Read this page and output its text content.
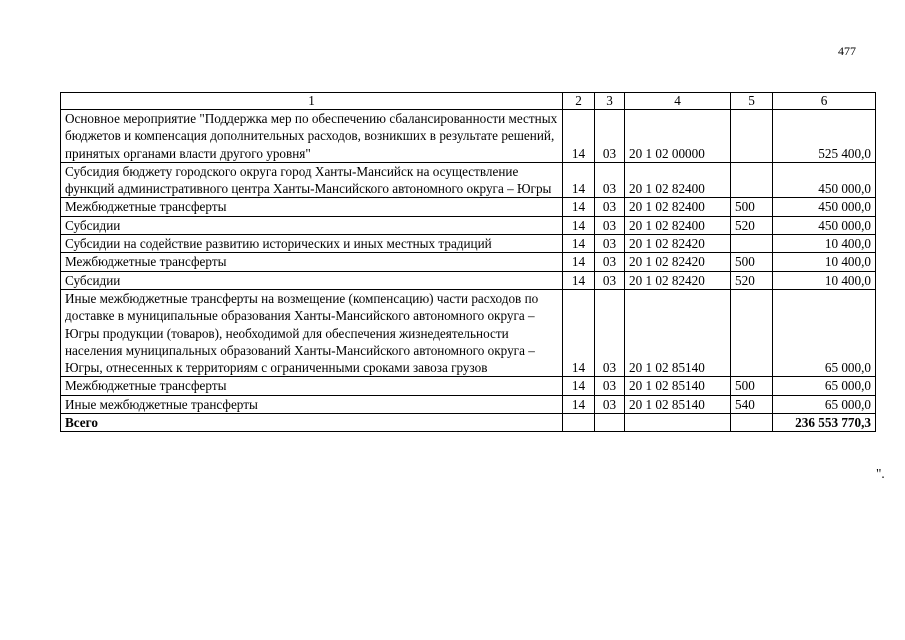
477
1	2	3	4	5	6
Основное мероприятие "Поддержка мер по обеспечению сбалансированности местных бюджетов и компенсация дополнительных расходов, возникших в результате решений, принятых органами власти другого уровня"	14	03	20 1 02 00000		525 400,0
Субсидия бюджету городского округа город Ханты-Мансийск на осуществление функций административного центра Ханты-Мансийского автономного округа – Югры	14	03	20 1 02 82400		450 000,0
Межбюджетные трансферты	14	03	20 1 02 82400	500	450 000,0
Субсидии	14	03	20 1 02 82400	520	450 000,0
Субсидии на содействие развитию исторических и иных местных традиций	14	03	20 1 02 82420		10 400,0
Межбюджетные трансферты	14	03	20 1 02 82420	500	10 400,0
Субсидии	14	03	20 1 02 82420	520	10 400,0
Иные межбюджетные трансферты на возмещение (компенсацию) части расходов по доставке в муниципальные образования Ханты-Мансийского автономного округа – Югры продукции (товаров), необходимой для обеспечения жизнедеятельности населения муниципальных образований Ханты-Мансийского автономного округа – Югры, отнесенных к территориям с ограниченными сроками завоза грузов	14	03	20 1 02 85140		65 000,0
Межбюджетные трансферты	14	03	20 1 02 85140	500	65 000,0
Иные межбюджетные трансферты	14	03	20 1 02 85140	540	65 000,0
Всего					236 553 770,3
".
